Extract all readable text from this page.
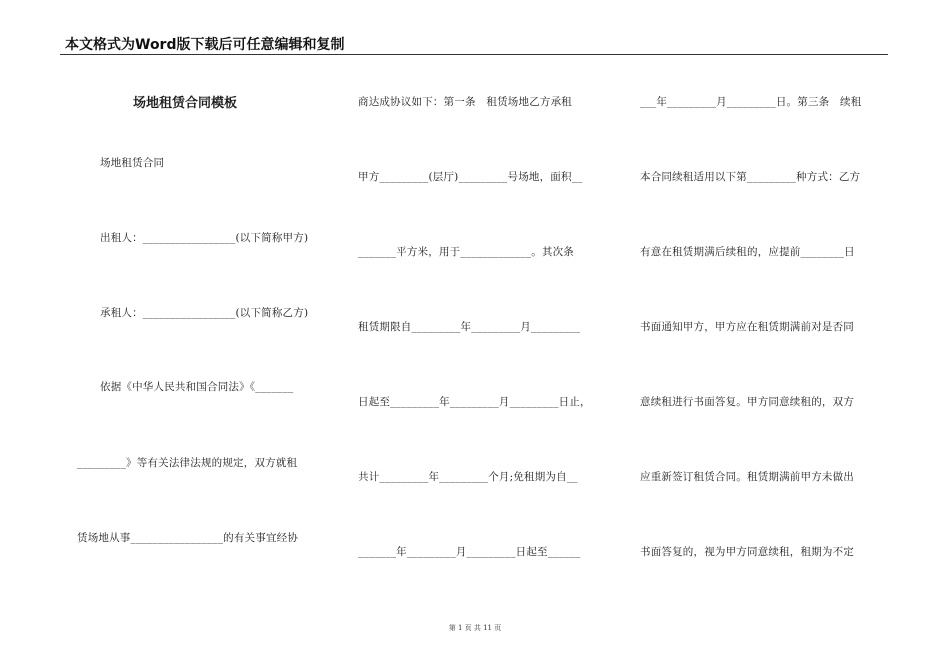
本文格式为Word版下载后可任意编辑和复制
场地租赁合同模板
场地租赁合同
出租人：_________________(以下简称甲方)
承租人：_________________(以下简称乙方)
依据《中华人民共和国合同法》《_______
_________》等有关法律法规的规定，双方就租
赁场地从事_________________的有关事宜经协
商达成协议如下：第一条　租赁场地乙方承租
甲方_________(层厅)_________号场地，面积__
_______平方米，用于_____________。其次条
租赁期限自_________年_________月_________
日起至_________年_________月_________日止，
共计_________年_________个月;免租期为自__
_______年_________月_________日起至______
___年_________月_________日。第三条　续租
本合同续租适用以下第_________种方式：乙方
有意在租赁期满后续租的，应提前________日
书面通知甲方，甲方应在租赁期满前对是否同
意续租进行书面答复。甲方同意续租的，双方
应重新签订租赁合同。租赁期满前甲方未做出
书面答复的，视为甲方同意续租，租期为不定
第 1 页 共 11 页
